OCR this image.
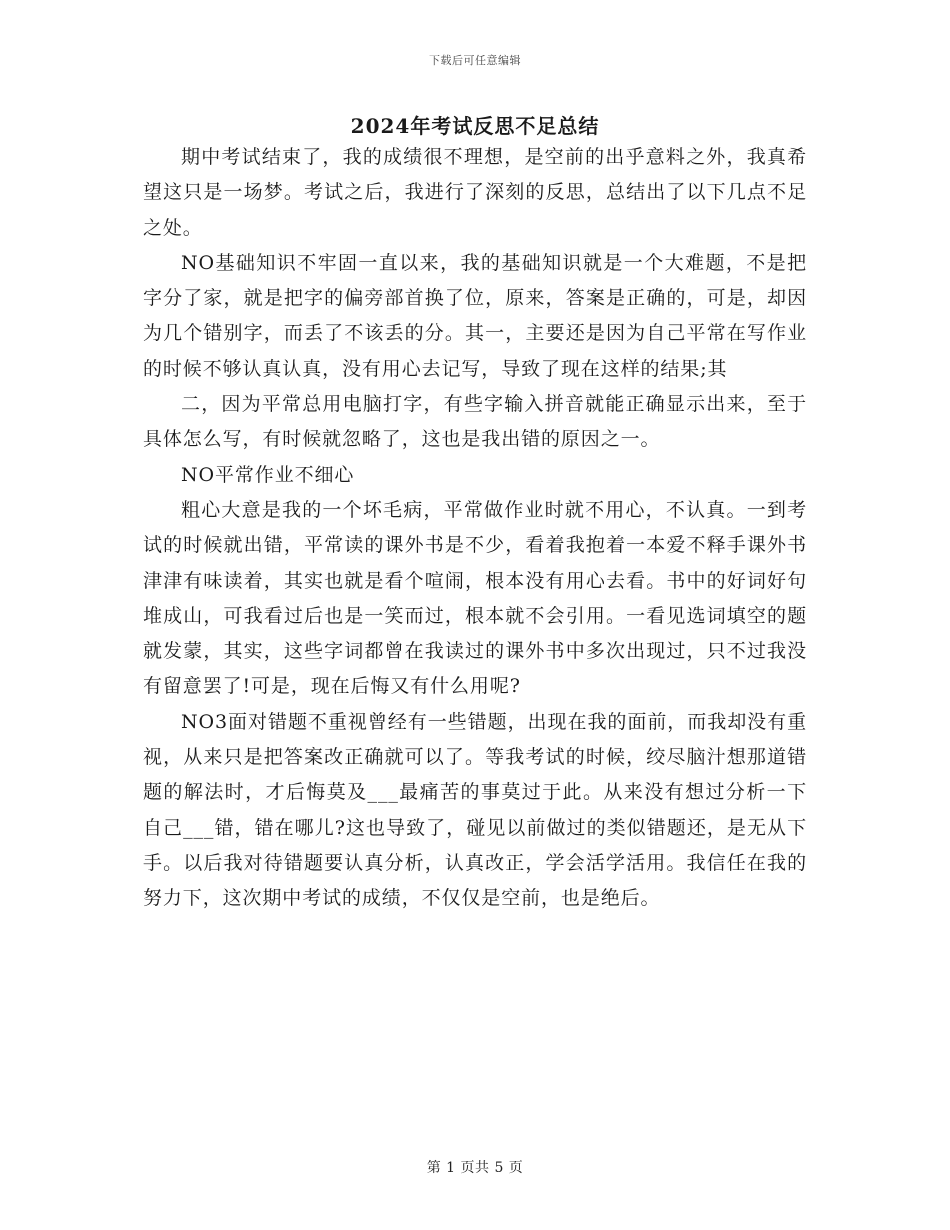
下载后可任意编辑
2024年考试反思不足总结

期中考试结束了，我的成绩很不理想，是空前的出乎意料之外，我真希望这只是一场梦。考试之后，我进行了深刻的反思，总结出了以下几点不足之处。

NO基础知识不牢固一直以来，我的基础知识就是一个大难题，不是把字分了家，就是把字的偏旁部首换了位，原来，答案是正确的，可是，却因为几个错别字，而丢了不该丢的分。其一，主要还是因为自己平常在写作业的时候不够认真认真，没有用心去记写，导致了现在这样的结果;其

二，因为平常总用电脑打字，有些字输入拼音就能正确显示出来，至于具体怎么写，有时候就忽略了，这也是我出错的原因之一。

NO平常作业不细心

粗心大意是我的一个坏毛病，平常做作业时就不用心，不认真。一到考试的时候就出错，平常读的课外书是不少，看着我抱着一本爱不释手课外书津津有味读着，其实也就是看个喧闹，根本没有用心去看。书中的好词好句堆成山，可我看过后也是一笑而过，根本就不会引用。一看见选词填空的题就发蒙，其实，这些字词都曾在我读过的课外书中多次出现过，只不过我没有留意罢了!可是，现在后悔又有什么用呢?

NO3面对错题不重视曾经有一些错题，出现在我的面前，而我却没有重视，从来只是把答案改正确就可以了。等我考试的时候，绞尽脑汁想那道错题的解法时，才后悔莫及___最痛苦的事莫过于此。从来没有想过分析一下自己___错，错在哪儿?这也导致了，碰见以前做过的类似错题还，是无从下手。以后我对待错题要认真分析，认真改正，学会活学活用。我信任在我的努力下，这次期中考试的成绩，不仅仅是空前，也是绝后。

第 1 页共 5 页
